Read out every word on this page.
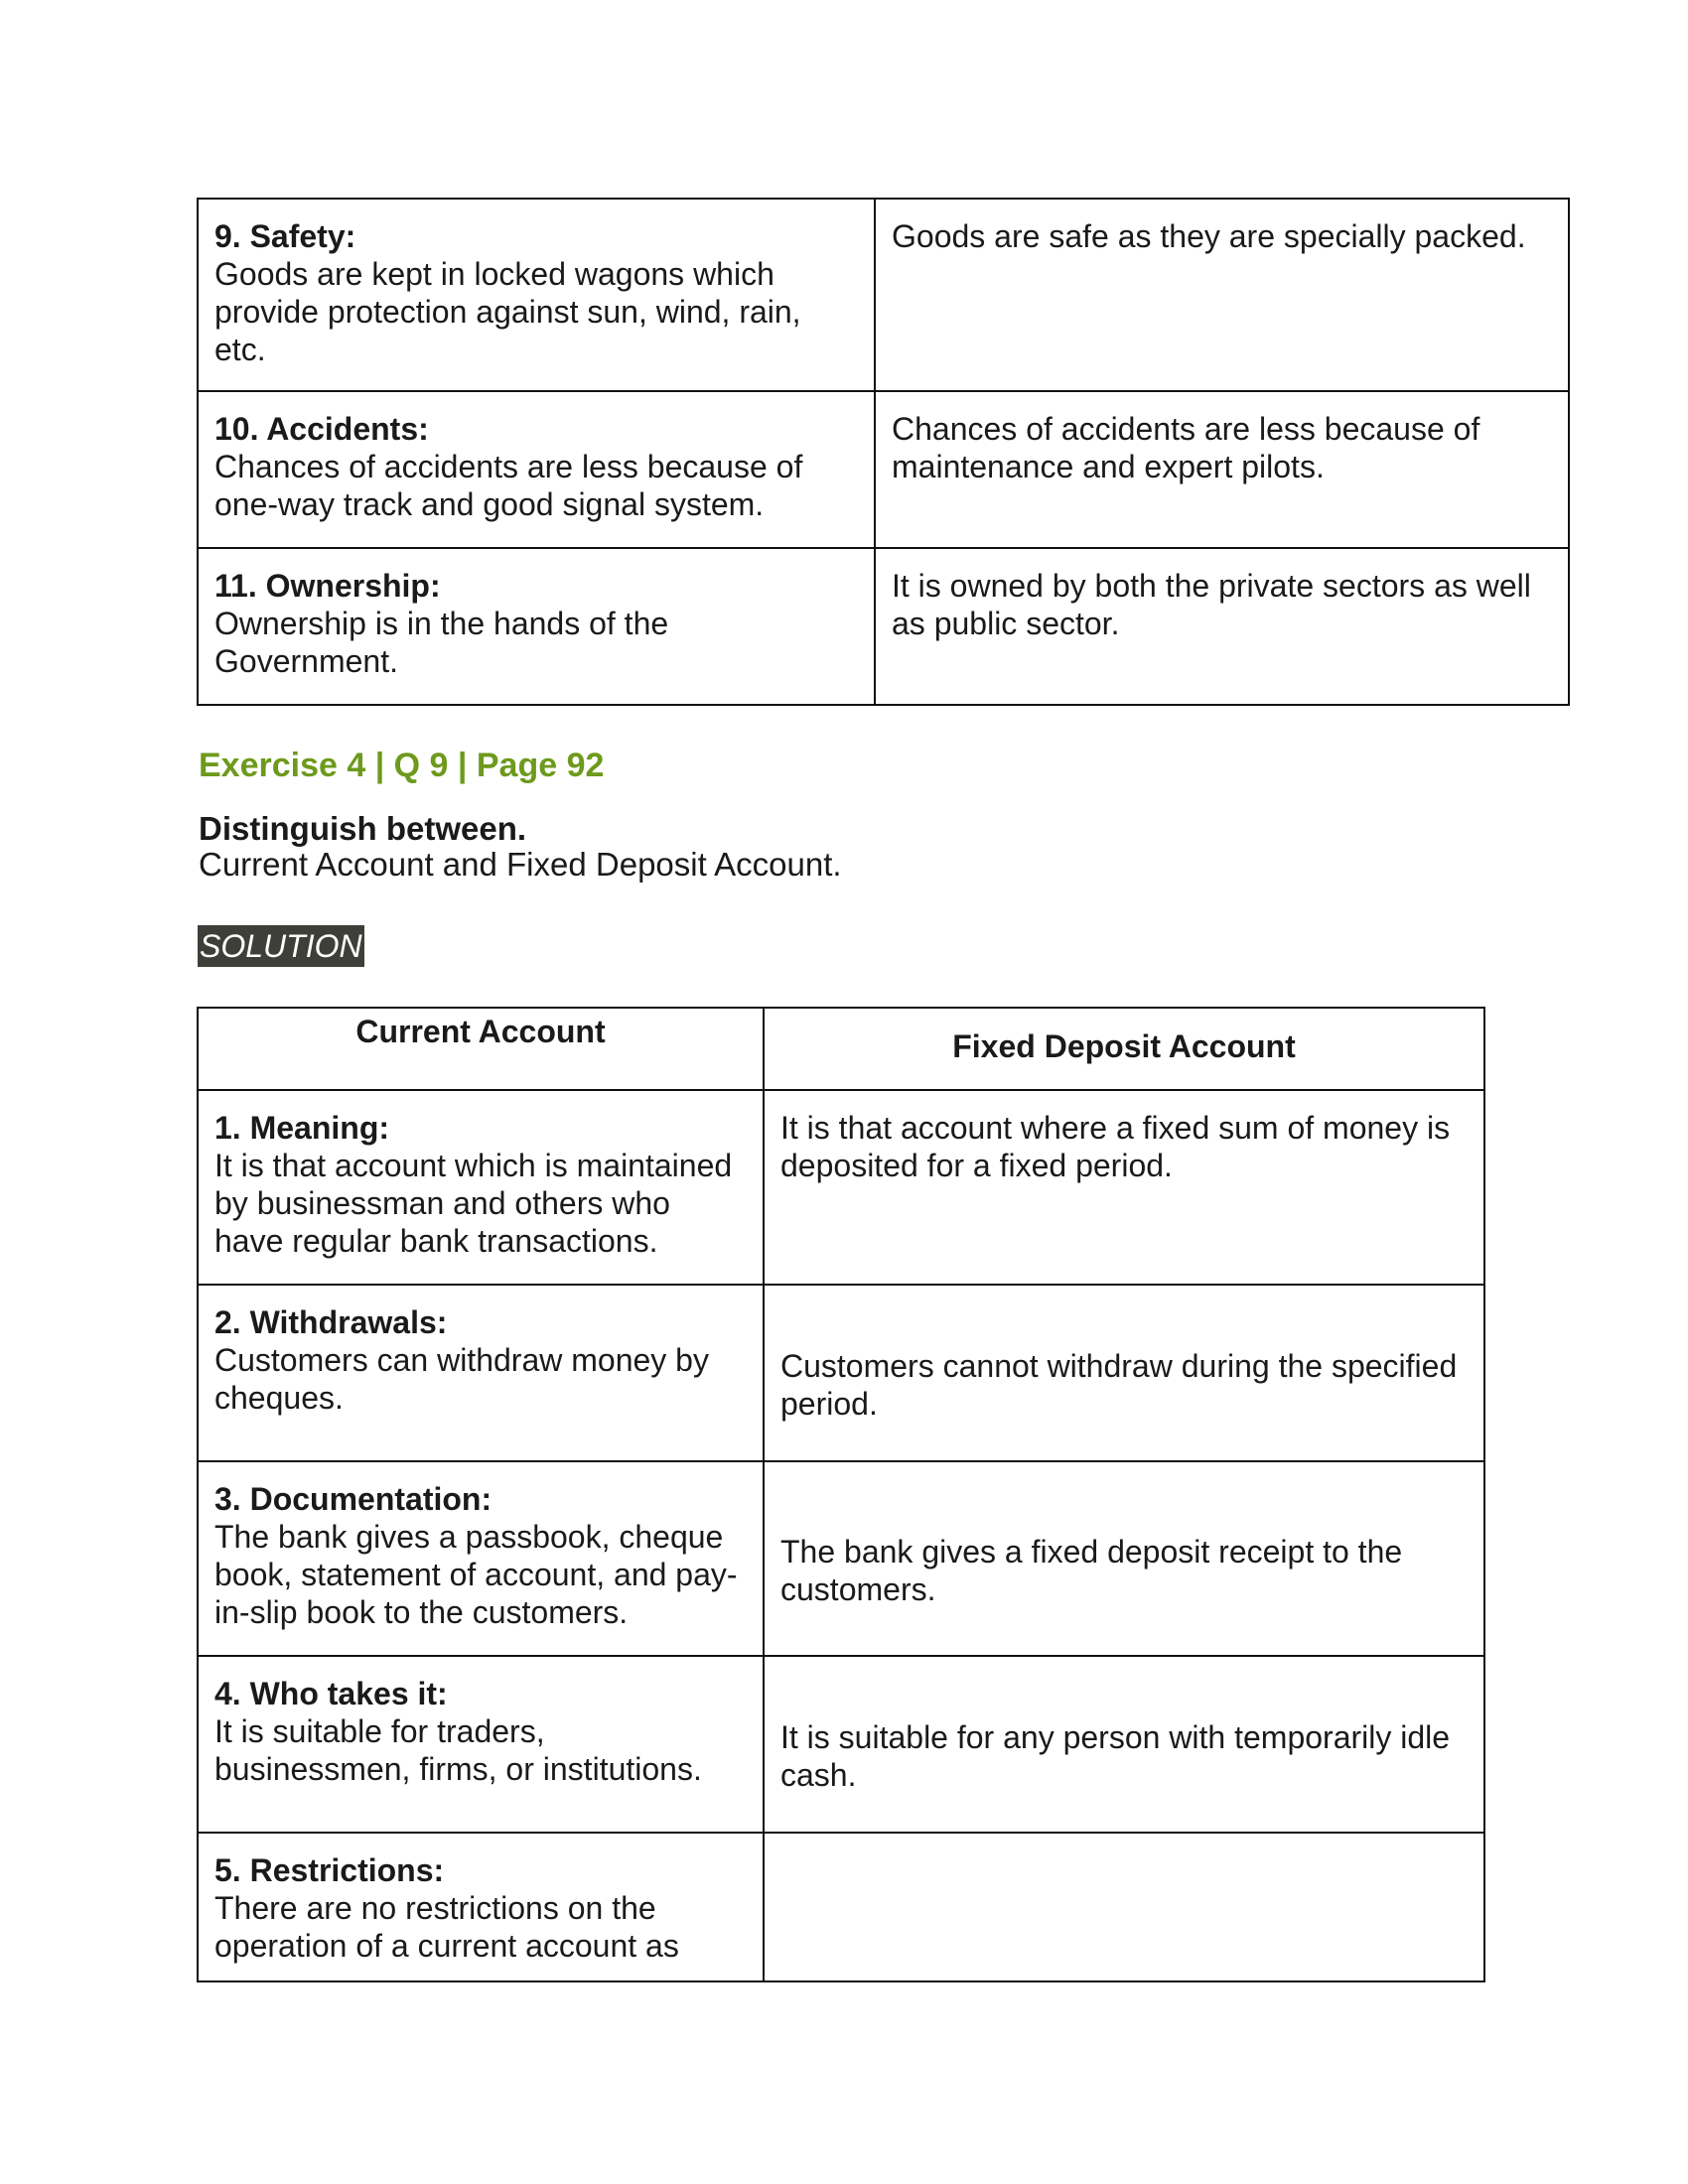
9. Safety:
Goods are kept in locked wagons which provide protection against sun, wind, rain, etc.	Goods are safe as they are specially packed.

10. Accidents:
Chances of accidents are less because of one-way track and good signal system.	Chances of accidents are less because of maintenance and expert pilots.

11. Ownership:
Ownership is in the hands of the Government.	It is owned by both the private sectors as well as public sector.
Exercise 4 | Q 9 | Page 92
Distinguish between.
Current Account and Fixed Deposit Account.
SOLUTION
Current Account	Fixed Deposit Account

1. Meaning:
It is that account which is maintained by businessman and others who have regular bank transactions.	It is that account where a fixed sum of money is deposited for a fixed period.

2. Withdrawals:
Customers can withdraw money by cheques.	Customers cannot withdraw during the specified period.

3. Documentation:
The bank gives a passbook, cheque book, statement of account, and pay-in-slip book to the customers.	The bank gives a fixed deposit receipt to the customers.

4. Who takes it:
It is suitable for traders, businessmen, firms, or institutions.	It is suitable for any person with temporarily idle cash.

5. Restrictions:
There are no restrictions on the operation of a current account as	
